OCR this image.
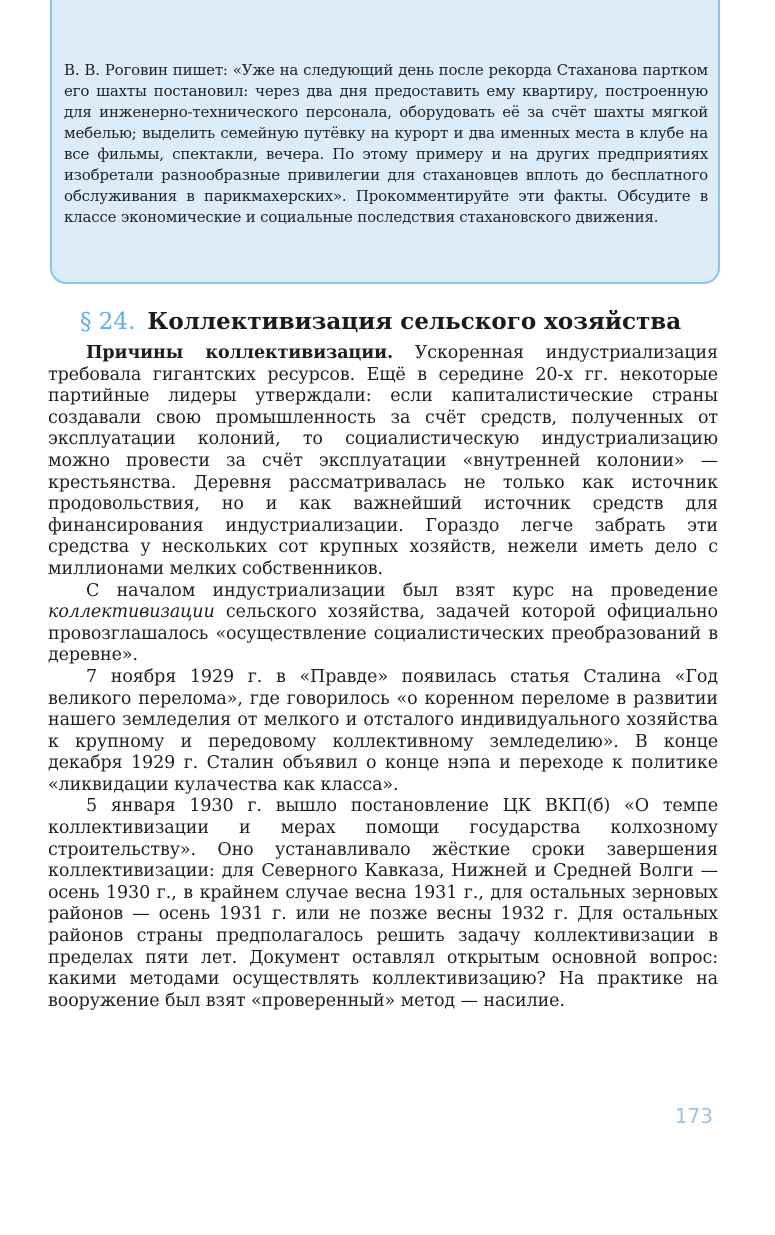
В. В. Роговин пишет: «Уже на следующий день после рекорда Стаханова партком его шахты постановил: через два дня предоставить ему квартиру, построенную для инженерно-технического персонала, оборудовать её за счёт шахты мягкой мебелью; выделить семейную путёвку на курорт и два именных места в клубе на все фильмы, спектакли, вечера. По этому примеру и на других предприятиях изобретали разнообразные привилегии для стахановцев вплоть до бесплатного обслуживания в парикмахерских». Прокомментируйте эти факты. Обсудите в классе экономические и социальные последствия стахановского движения.

§ 24. Коллективизация сельского хозяйства

Причины коллективизации. Ускоренная индустриализация требовала гигантских ресурсов. Ещё в середине 20-х гг. некоторые партийные лидеры утверждали: если капиталистические страны создавали свою промышленность за счёт средств, полученных от эксплуатации колоний, то социалистическую индустриализацию можно провести за счёт эксплуатации «внутренней колонии» — крестьянства. Деревня рассматривалась не только как источник продовольствия, но и как важнейший источник средств для финансирования индустриализации. Гораздо легче забрать эти средства у нескольких сот крупных хозяйств, нежели иметь дело с миллионами мелких собственников.

С началом индустриализации был взят курс на проведение коллективизации сельского хозяйства, задачей которой официально провозглашалось «осуществление социалистических преобразований в деревне».

7 ноября 1929 г. в «Правде» появилась статья Сталина «Год великого перелома», где говорилось «о коренном переломе в развитии нашего земледелия от мелкого и отсталого индивидуального хозяйства к крупному и передовому коллективному земледелию». В конце декабря 1929 г. Сталин объявил о конце нэпа и переходе к политике «ликвидации кулачества как класса».

5 января 1930 г. вышло постановление ЦК ВКП(б) «О темпе коллективизации и мерах помощи государства колхозному строительству». Оно устанавливало жёсткие сроки завершения коллективизации: для Северного Кавказа, Нижней и Средней Волги — осень 1930 г., в крайнем случае весна 1931 г., для остальных зерновых районов — осень 1931 г. или не позже весны 1932 г. Для остальных районов страны предполагалось решить задачу коллективизации в пределах пяти лет. Документ оставлял открытым основной вопрос: какими методами осуществлять коллективизацию? На практике на вооружение был взят «проверенный» метод — насилие.

173
